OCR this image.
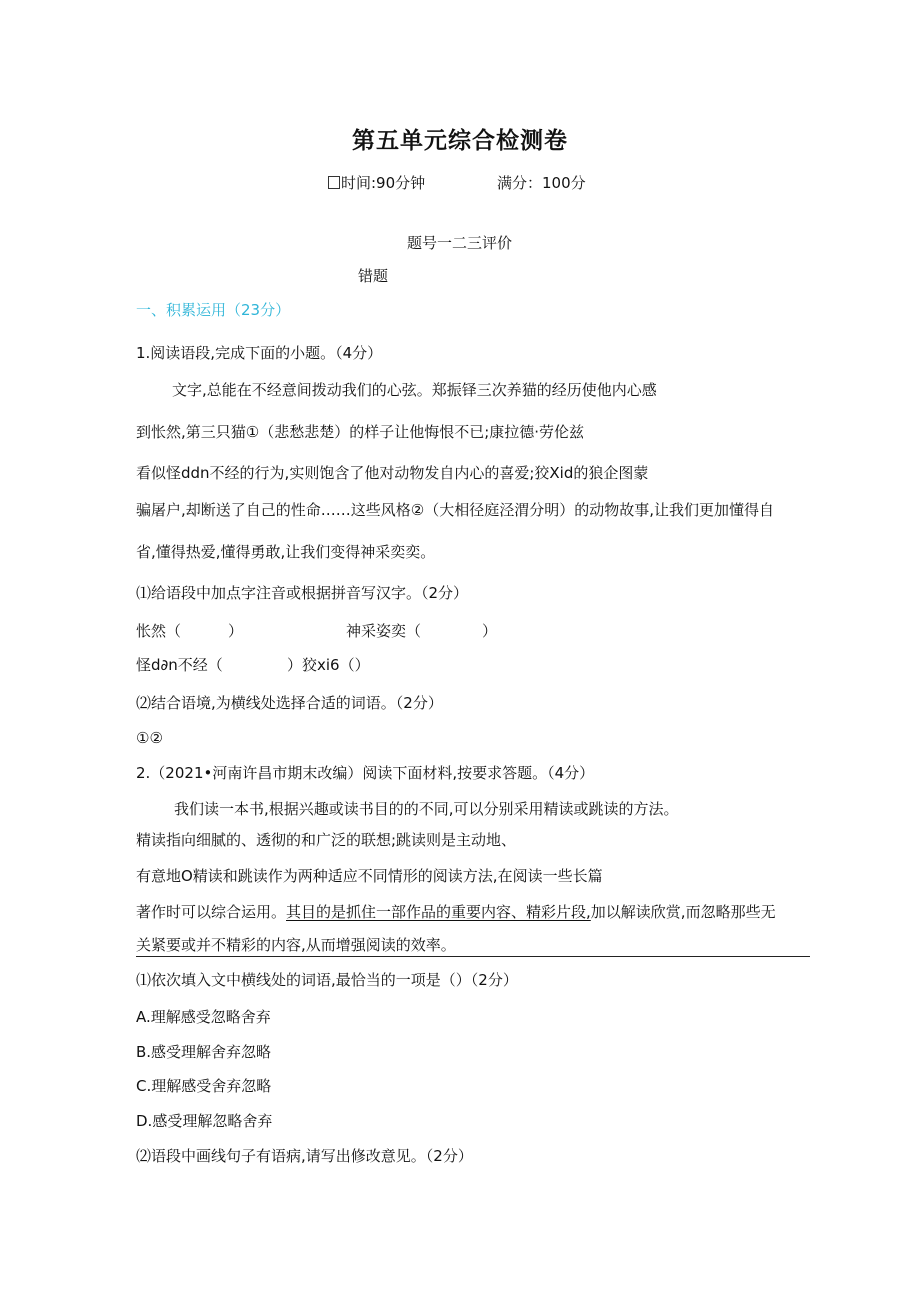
第五单元综合检测卷
时间:90分钟	满分：100分
题号一二三评价
错题
一、积累运用（23分）
1.阅读语段,完成下面的小题。（4分）
文字,总能在不经意间拨动我们的心弦。郑振铎三次养猫的经历使他内心感
到怅然,第三只猫①（悲愁悲楚）的样子让他悔恨不已;康拉德·劳伦兹
看似怪ddn不经的行为,实则饱含了他对动物发自内心的喜爱;狡Xid的狼企图蒙
骗屠户,却断送了自己的性命……这些风格②（大相径庭泾渭分明）的动物故事,让我们更加懂得自
省,懂得热爱,懂得勇敢,让我们变得神采奕奕。
⑴给语段中加点字注音或根据拼音写汉字。（2分）
怅然（	）	神采姿奕（	）
怪d∂n不经（	）狡xi6（）
⑵结合语境,为横线处选择合适的词语。（2分）
①②
2.（2021•河南许昌市期末改编）阅读下面材料,按要求答题。（4分）
我们读一本书,根据兴趣或读书目的的不同,可以分别采用精读或跳读的方法。
精读指向细腻的、透彻的和广泛的联想;跳读则是主动地、
有意地O精读和跳读作为两种适应不同情形的阅读方法,在阅读一些长篇
著作时可以综合运用。其目的是抓住一部作品的重要内容、精彩片段,加以解读欣赏,而忽略那些无
关紧要或并不精彩的内容,从而增强阅读的效率。
⑴依次填入文中横线处的词语,最恰当的一项是（）（2分）
A.理解感受忽略舍弃
B.感受理解舍弃忽略
C.理解感受舍弃忽略
D.感受理解忽略舍弃
⑵语段中画线句子有语病,请写出修改意见。（2分）
